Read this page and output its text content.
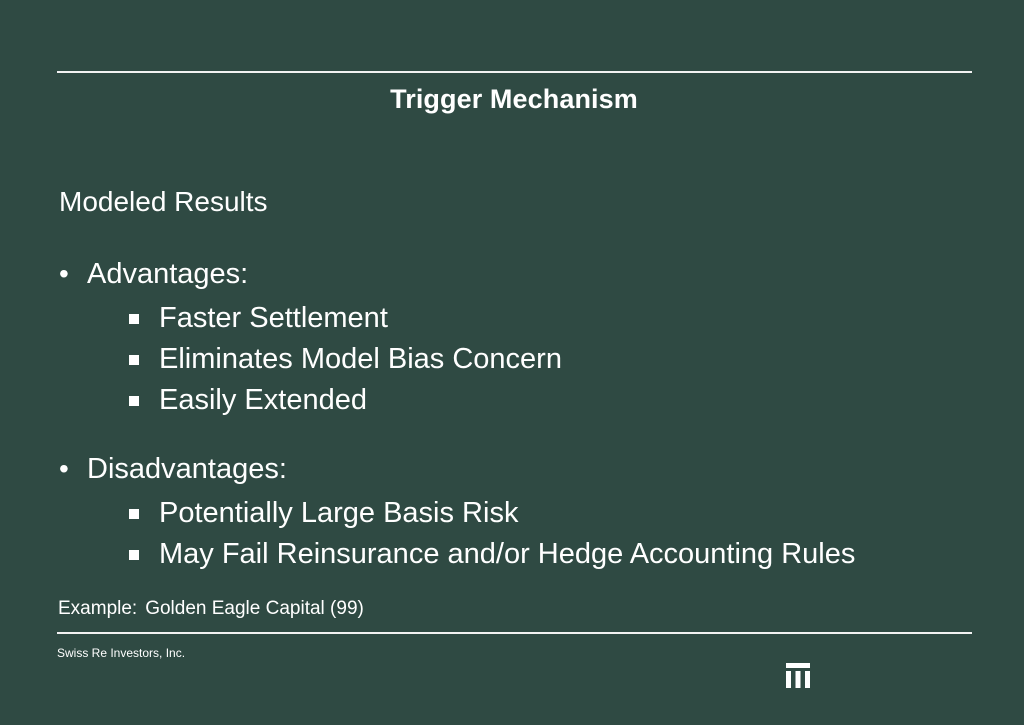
Trigger Mechanism
Modeled Results
• Advantages:
Faster Settlement
Eliminates Model Bias Concern
Easily Extended
• Disadvantages:
Potentially Large Basis Risk
May Fail Reinsurance and/or Hedge Accounting Rules
Example: Golden Eagle Capital (99)
Swiss Re Investors, Inc.
